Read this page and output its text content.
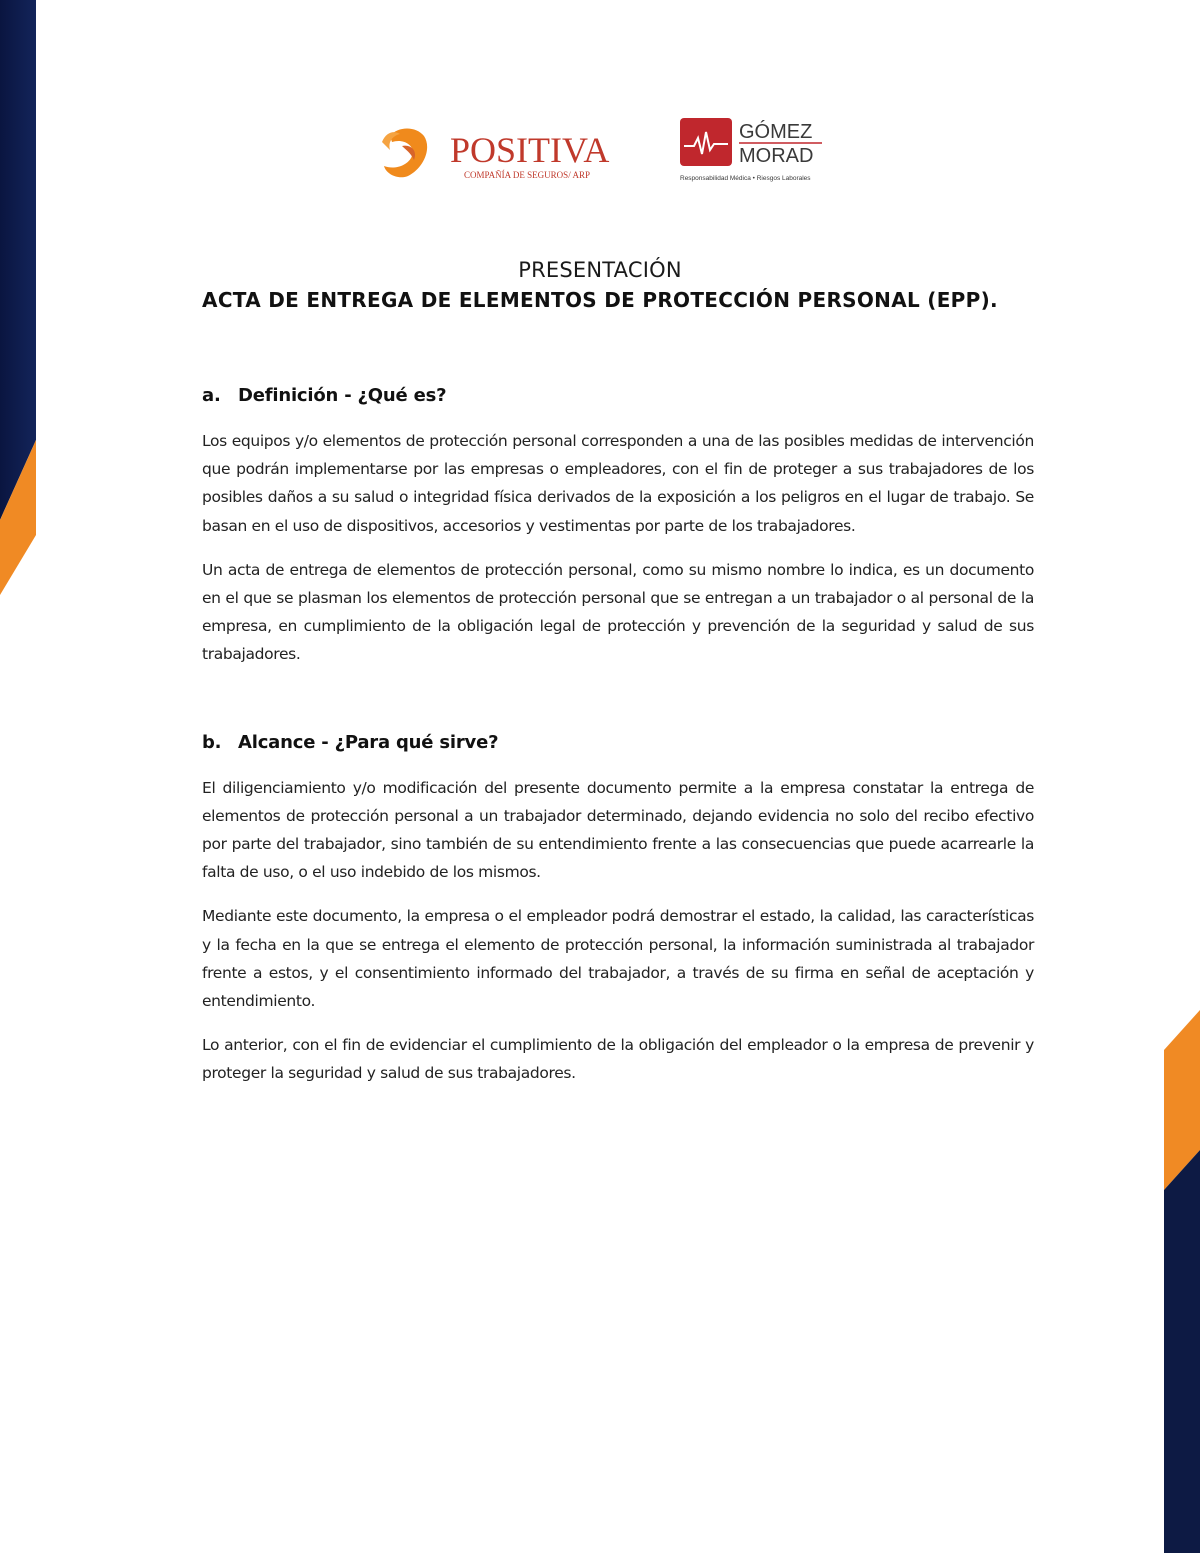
POSITIVA
COMPAÑÍA DE SEGUROS/ ARP
GÓMEZ
MORAD
Responsabilidad Médica • Riesgos Laborales
PRESENTACIÓN
ACTA DE ENTREGA DE ELEMENTOS DE PROTECCIÓN PERSONAL (EPP).
a. Definición - ¿Qué es?

Los equipos y/o elementos de protección personal corresponden a una de las posibles medidas de intervención que podrán implementarse por las empresas o empleadores, con el fin de proteger a sus trabajadores de los posibles daños a su salud o integridad física derivados de la exposición a los peligros en el lugar de trabajo. Se basan en el uso de dispositivos, accesorios y vestimentas por parte de los trabajadores.

Un acta de entrega de elementos de protección personal, como su mismo nombre lo indica, es un documento en el que se plasman los elementos de protección personal que se entregan a un trabajador o al personal de la empresa, en cumplimiento de la obligación legal de protección y prevención de la seguridad y salud de sus trabajadores.

b. Alcance - ¿Para qué sirve?

El diligenciamiento y/o modificación del presente documento permite a la empresa constatar la entrega de elementos de protección personal a un trabajador determinado, dejando evidencia no solo del recibo efectivo por parte del trabajador, sino también de su entendimiento frente a las consecuencias que puede acarrearle la falta de uso, o el uso indebido de los mismos.

Mediante este documento, la empresa o el empleador podrá demostrar el estado, la calidad, las características y la fecha en la que se entrega el elemento de protección personal, la información suministrada al trabajador frente a estos, y el consentimiento informado del trabajador, a través de su firma en señal de aceptación y entendimiento.

Lo anterior, con el fin de evidenciar el cumplimiento de la obligación del empleador o la empresa de prevenir y proteger la seguridad y salud de sus trabajadores.
